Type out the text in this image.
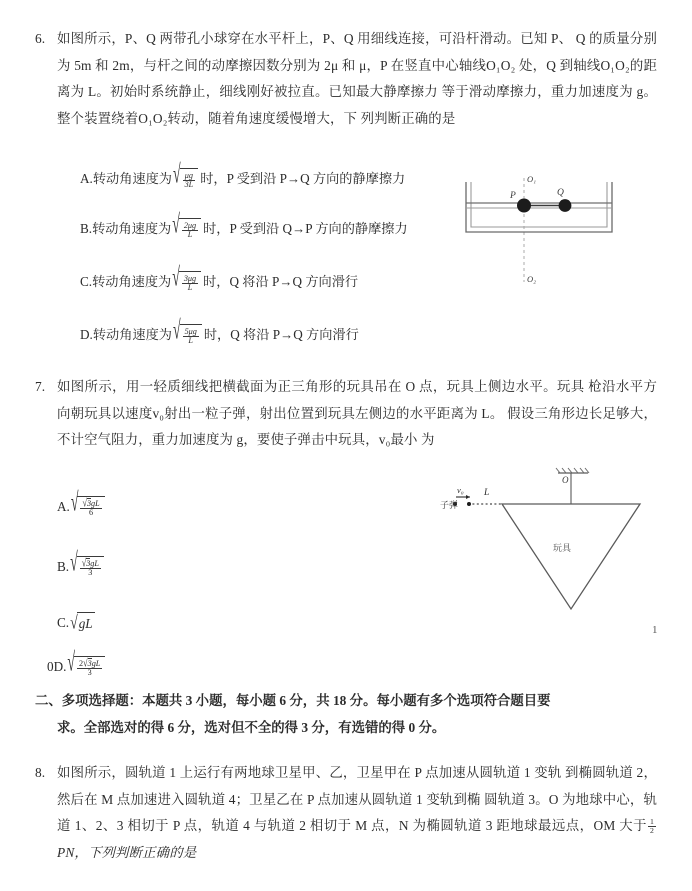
6. 如图所示，P、Q 两带孔小球穿在水平杆上，P、Q 用细线连接，可沿杆滑动。已知 P、 Q 的质量分别为 5m 和 2m，与杆之间的动摩擦因数分别为 2μ 和 μ，P 在竖直中心轴线O₁O₂ 处，Q 到轴线O₁O₂的距离为 L。初始时系统静止，细线刚好被拉直。已知最大静摩擦力 等于滑动摩擦力，重力加速度为 g。整个装置绕着O₁O₂转动，随着角速度缓慢增大，下 列判断正确的是
A. 转动角速度为 √ $\frac{\mu g}{3L}$ 时，P 受到沿 P→Q 方向的静摩擦力
B. 转动角速度为 √ $\frac{2\mu g}{L}$ 时，P 受到沿 Q→P 方向的静摩擦力
C. 转动角速度为 √ $\frac{3\mu g}{L}$ 时，Q 将沿 P→Q 方向滑行
D. 转动角速度为 √ $\frac{5\mu g}{L}$ 时，Q 将沿 P→Q 方向滑行
P	Q
O₁
O₂
7. 如图所示，用一轻质细线把横截面为正三角形的玩具吊在 O 点，玩具上侧边水平。玩具 枪沿水平方向朝玩具以速度v₀射出一粒子弹，射出位置到玩具左侧边的水平距离为 L。 假设三角形边长足够大，不计空气阻力，重力加速度为 g，要使子弹击中玩具，v₀最小 为
A. √ $\frac{√3gL}{6}$
B. √ $\frac{√3gL}{3}$
C. √ gL
0D. √ $\frac{2√3gL}{3}$
O
玩具
v₀ L
子弹
1
二、多项选择题：本题共 3 小题，每小题 6 分，共 18 分。每小题有多个选项符合题目要
求。全部选对的得 6 分，选对但不全的得 3 分，有选错的得 0 分。
8. 如图所示，圆轨道 1 上运行有两地球卫星甲、乙，卫星甲在 P 点加速从圆轨道 1 变轨 到椭圆轨道 2，然后在 M 点加速进入圆轨道 4；卫星乙在 P 点加速从圆轨道 1 变轨到椭 圆轨道 3。O 为地球中心，轨道 1、2、3 相切于 P 点，轨道 4 与轨道 2 相切于 M 点，N 为椭圆轨道 3 距地球最远点，OM 大于 $\frac{1}{2}$
PN，下列判断正确的是
